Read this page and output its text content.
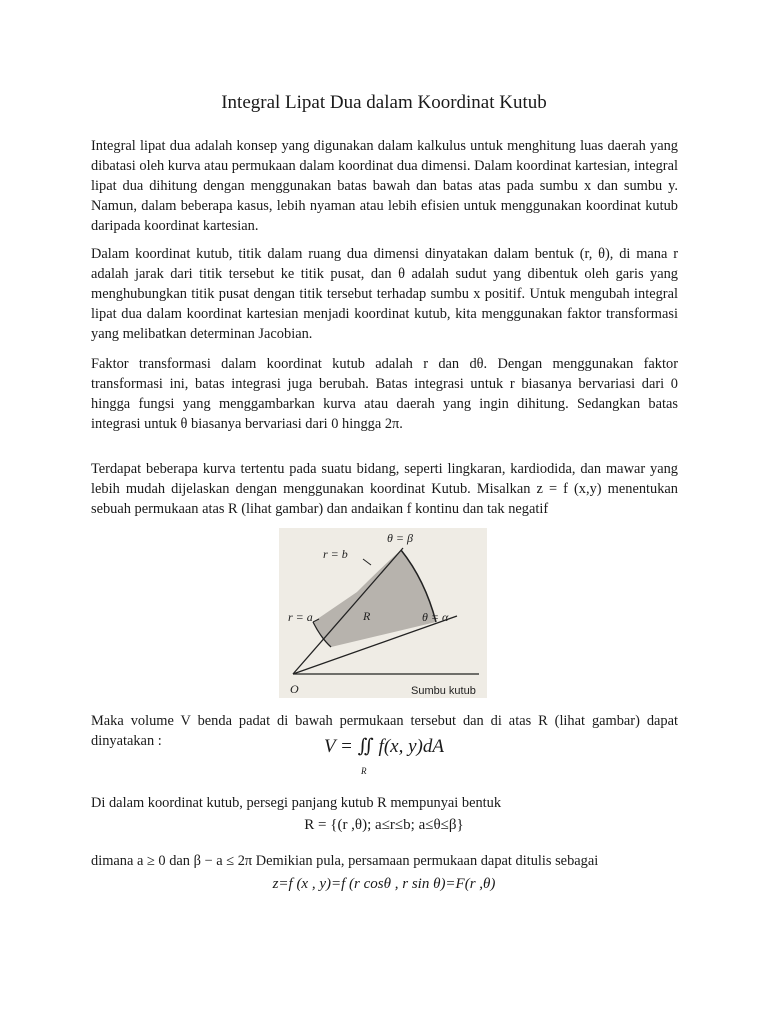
Integral Lipat Dua dalam Koordinat Kutub

Integral lipat dua adalah konsep yang digunakan dalam kalkulus untuk menghitung luas daerah yang dibatasi oleh kurva atau permukaan dalam koordinat dua dimensi. Dalam koordinat kartesian, integral lipat dua dihitung dengan menggunakan batas bawah dan batas atas pada sumbu x dan sumbu y. Namun, dalam beberapa kasus, lebih nyaman atau lebih efisien untuk menggunakan koordinat kutub daripada koordinat kartesian.

Dalam koordinat kutub, titik dalam ruang dua dimensi dinyatakan dalam bentuk (r, θ), di mana r adalah jarak dari titik tersebut ke titik pusat, dan θ adalah sudut yang dibentuk oleh garis yang menghubungkan titik pusat dengan titik tersebut terhadap sumbu x positif. Untuk mengubah integral lipat dua dalam koordinat kartesian menjadi koordinat kutub, kita menggunakan faktor transformasi yang melibatkan determinan Jacobian.

Faktor transformasi dalam koordinat kutub adalah r dan dθ. Dengan menggunakan faktor transformasi ini, batas integrasi juga berubah. Batas integrasi untuk r biasanya bervariasi dari 0 hingga fungsi yang menggambarkan kurva atau daerah yang ingin dihitung. Sedangkan batas integrasi untuk θ biasanya bervariasi dari 0 hingga 2π.

Terdapat beberapa kurva tertentu pada suatu bidang, seperti lingkaran, kardiodida, dan mawar yang lebih mudah dijelaskan dengan menggunakan koordinat Kutub. Misalkan z = f (x,y) menentukan sebuah permukaan atas R (lihat gambar) dan andaikan f kontinu dan tak negatif

θ = β
r = b
r = a	R	θ = α
O	Sumbu kutub

Maka volume V benda padat di bawah permukaan tersebut dan di atas R (lihat gambar) dapat dinyatakan :	V = ∬ f(x, y)dA
R

Di dalam koordinat kutub, persegi panjang kutub R mempunyai bentuk

R = {(r ,θ); a≤r≤b; a≤θ≤β}

dimana a ≥ 0 dan β − a ≤ 2π Demikian pula, persamaan permukaan dapat ditulis sebagai

z=f (x , y)=f (r cosθ , r sin θ)=F(r ,θ)
